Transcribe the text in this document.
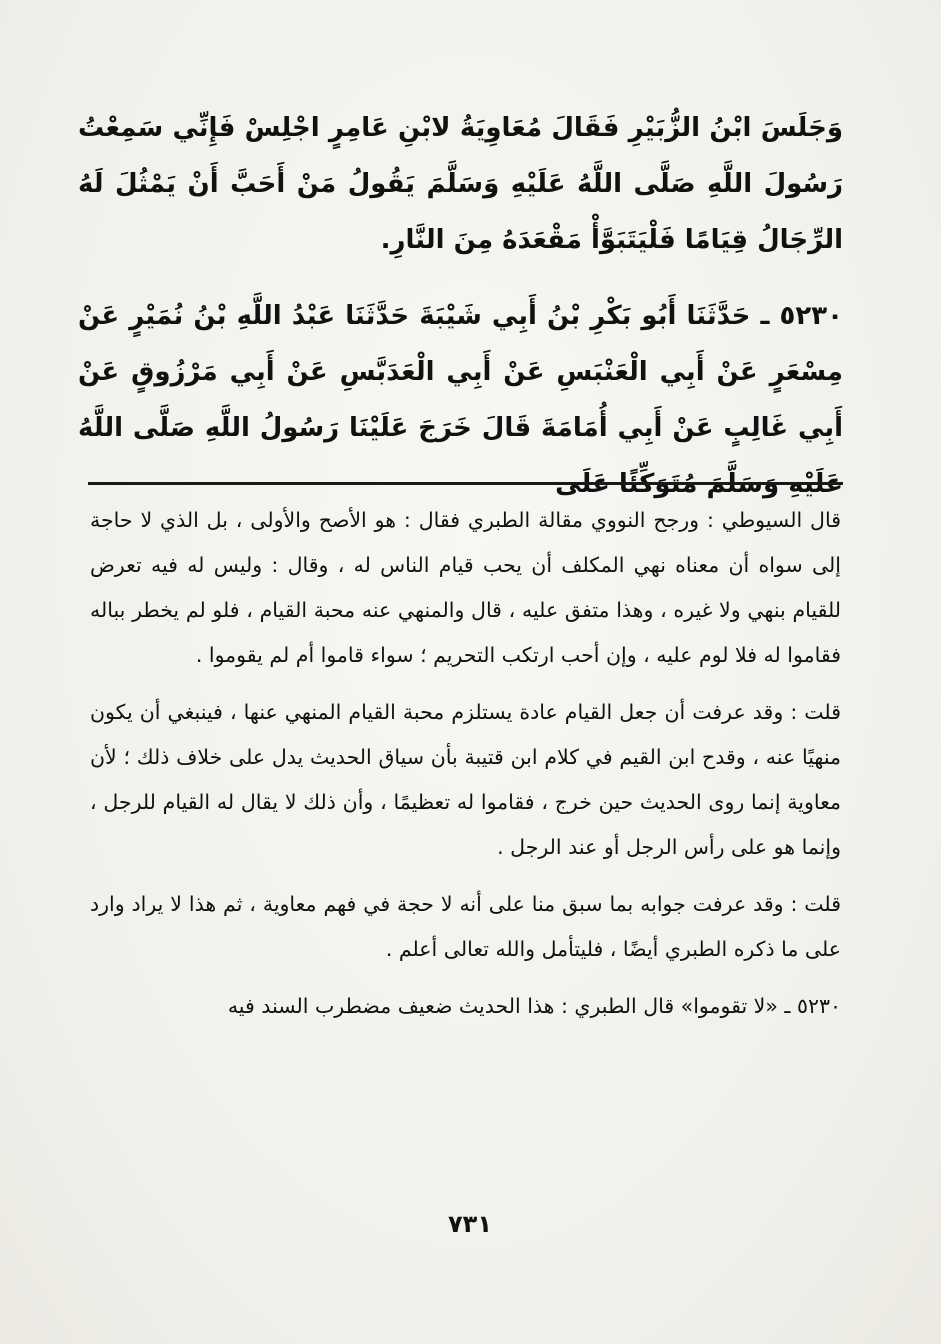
وَجَلَسَ ابْنُ الزُّبَيْرِ فَقَالَ مُعَاوِيَةُ لابْنِ عَامِرٍ اجْلِسْ فَإِنِّي سَمِعْتُ رَسُولَ اللَّهِ صَلَّى اللَّهُ عَلَيْهِ وَسَلَّمَ يَقُولُ مَنْ أَحَبَّ أَنْ يَمْثُلَ لَهُ الرِّجَالُ قِيَامًا فَلْيَتَبَوَّأْ مَقْعَدَهُ مِنَ النَّارِ.

٥٢٣٠ ـ حَدَّثَنَا أَبُو بَكْرِ بْنُ أَبِي شَيْبَةَ حَدَّثَنَا عَبْدُ اللَّهِ بْنُ نُمَيْرٍ عَنْ مِسْعَرٍ عَنْ أَبِي الْعَنْبَسِ عَنْ أَبِي الْعَدَبَّسِ عَنْ أَبِي مَرْزُوقٍ عَنْ أَبِي غَالِبٍ عَنْ أَبِي أُمَامَةَ قَالَ خَرَجَ عَلَيْنَا رَسُولُ اللَّهِ صَلَّى اللَّهُ عَلَيْهِ وَسَلَّمَ مُتَوَكِّئًا عَلَى

قال السيوطي : ورجح النووي مقالة الطبري فقال : هو الأصح والأولى ، بل الذي لا حاجة إلى سواه أن معناه نهي المكلف أن يحب قيام الناس له ، وقال : وليس له فيه تعرض للقيام بنهي ولا غيره ، وهذا متفق عليه ، قال والمنهي عنه محبة القيام ، فلو لم يخطر بباله فقاموا له فلا لوم عليه ، وإن أحب ارتكب التحريم ؛ سواء قاموا أم لم يقوموا .

قلت : وقد عرفت أن جعل القيام عادة يستلزم محبة القيام المنهي عنها ، فينبغي أن يكون منهيًا عنه ، وقدح ابن القيم في كلام ابن قتيبة بأن سياق الحديث يدل على خلاف ذلك ؛ لأن معاوية إنما روى الحديث حين خرج ، فقاموا له تعظيمًا ، وأن ذلك لا يقال له القيام للرجل ، وإنما هو على رأس الرجل أو عند الرجل .

قلت : وقد عرفت جوابه بما سبق منا على أنه لا حجة في فهم معاوية ، ثم هذا لا يراد وارد على ما ذكره الطبري أيضًا ، فليتأمل والله تعالى أعلم .

٥٢٣٠ ـ «لا تقوموا» قال الطبري : هذا الحديث ضعيف مضطرب السند فيه

٧٣١
